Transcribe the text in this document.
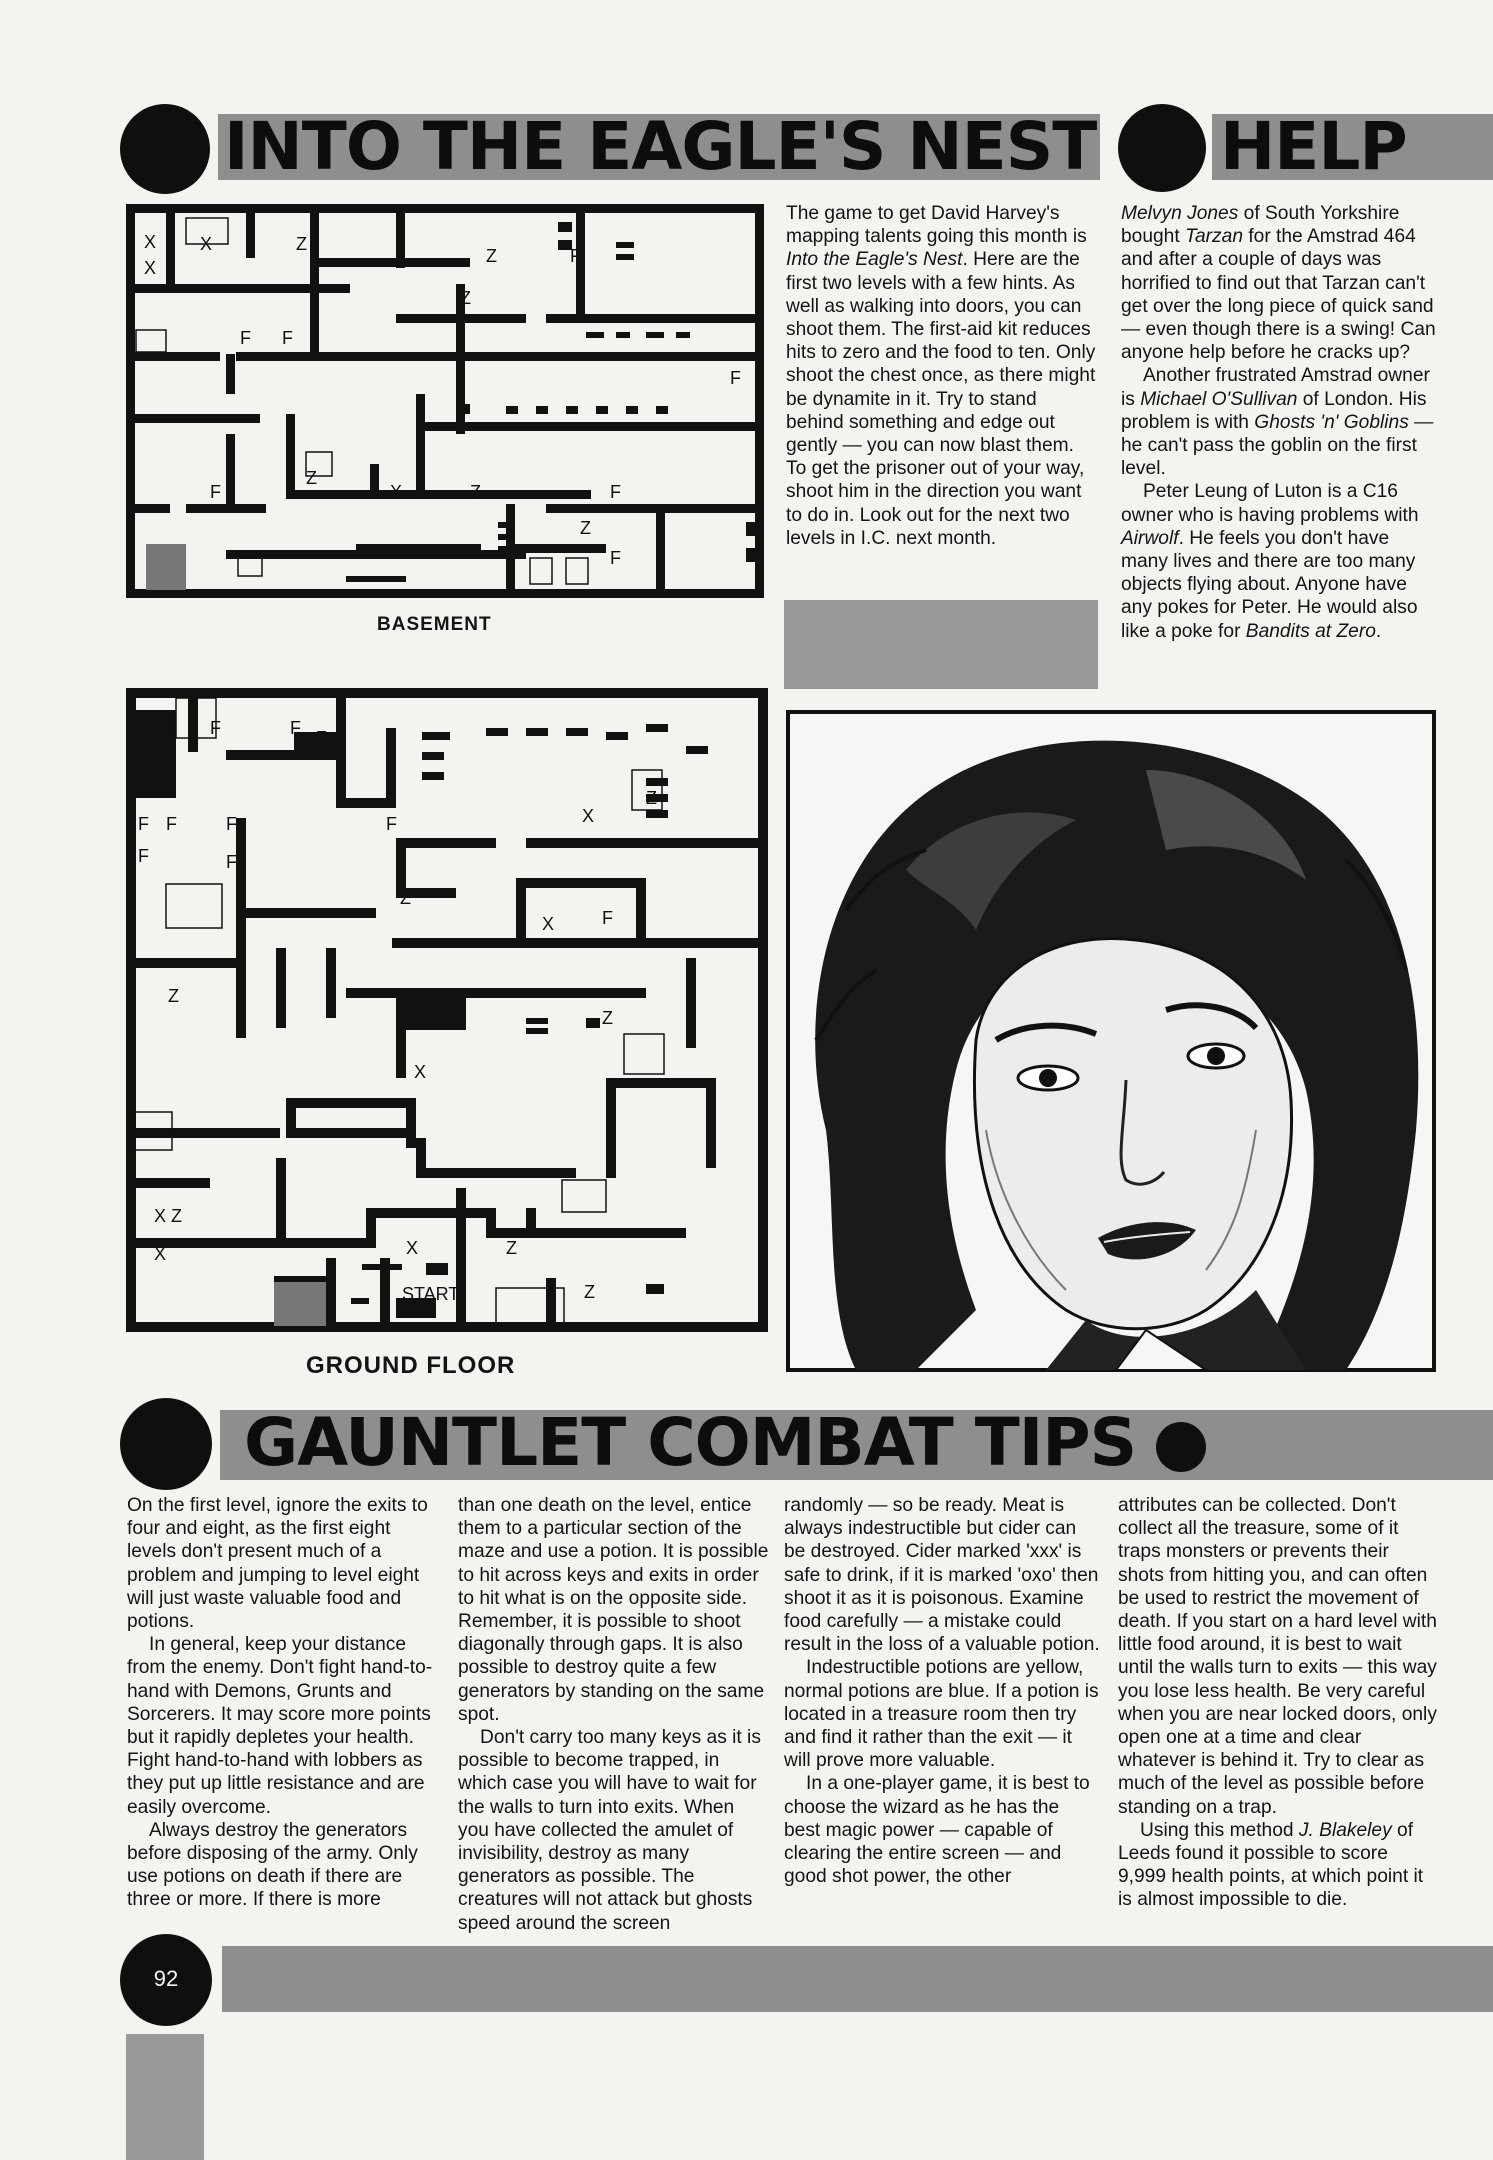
INTO THE EAGLE'S NEST HELP
X
X
X	Z
F F
Z	F
Z
F
Z
F	X	Z	F
Z
F
BASEMENT

The game to get David Harvey's mapping talents going this month is Into the Eagle's Nest. Here are the first two levels with a few hints. As well as walking into doors, you can shoot them. The first-aid kit reduces hits to zero and the food to ten. Only shoot the chest once, as there might be dynamite in it. Try to stand behind something and edge out gently — you can now blast them. To get the prisoner out of your way, shoot him in the direction you want to do in. Look out for the next two levels in I.C. next month.

Melvyn Jones of South Yorkshire bought Tarzan for the Amstrad 464 and after a couple of days was horrified to find out that Tarzan can't get over the long piece of quick sand — even though there is a swing! Can anyone help before he cracks up?

Another frustrated Amstrad owner is Michael O'Sullivan of London. His problem is with Ghosts 'n' Goblins — he can't pass the goblin on the first level.

Peter Leung of Luton is a C16 owner who is having problems with Airwolf. He feels you don't have many lives and there are too many objects flying about. Anyone have any pokes for Peter. He would also like a poke for Bandits at Zero.

F	F Z
F F	F
F	F
F
Z
X
Z
X	F
Z
Z
X
X Z
X	X	Z
Z
START
GROUND FLOOR
GAUNTLET COMBAT TIPS

On the first level, ignore the exits to four and eight, as the first eight levels don't present much of a problem and jumping to level eight will just waste valuable food and potions.

In general, keep your distance from the enemy. Don't fight hand-to-hand with Demons, Grunts and Sorcerers. It may score more points but it rapidly depletes your health. Fight hand-to-hand with lobbers as they put up little resistance and are easily overcome.

Always destroy the generators before disposing of the army. Only use potions on death if there are three or more. If there is more

than one death on the level, entice them to a particular section of the maze and use a potion. It is possible to hit across keys and exits in order to hit what is on the opposite side. Remember, it is possible to shoot diagonally through gaps. It is also possible to destroy quite a few generators by standing on the same spot.

Don't carry too many keys as it is possible to become trapped, in which case you will have to wait for the walls to turn into exits. When you have collected the amulet of invisibility, destroy as many generators as possible. The creatures will not attack but ghosts speed around the screen

randomly — so be ready. Meat is always indestructible but cider can be destroyed. Cider marked 'xxx' is safe to drink, if it is marked 'oxo' then shoot it as it is poisonous. Examine food carefully — a mistake could result in the loss of a valuable potion.

Indestructible potions are yellow, normal potions are blue. If a potion is located in a treasure room then try and find it rather than the exit — it will prove more valuable.

In a one-player game, it is best to choose the wizard as he has the best magic power — capable of clearing the entire screen — and good shot power, the other

attributes can be collected. Don't collect all the treasure, some of it traps monsters or prevents their shots from hitting you, and can often be used to restrict the movement of death. If you start on a hard level with little food around, it is best to wait until the walls turn to exits — this way you lose less health. Be very careful when you are near locked doors, only open one at a time and clear whatever is behind it. Try to clear as much of the level as possible before standing on a trap.

Using this method J. Blakeley of Leeds found it possible to score 9,999 health points, at which point it is almost impossible to die.

92
